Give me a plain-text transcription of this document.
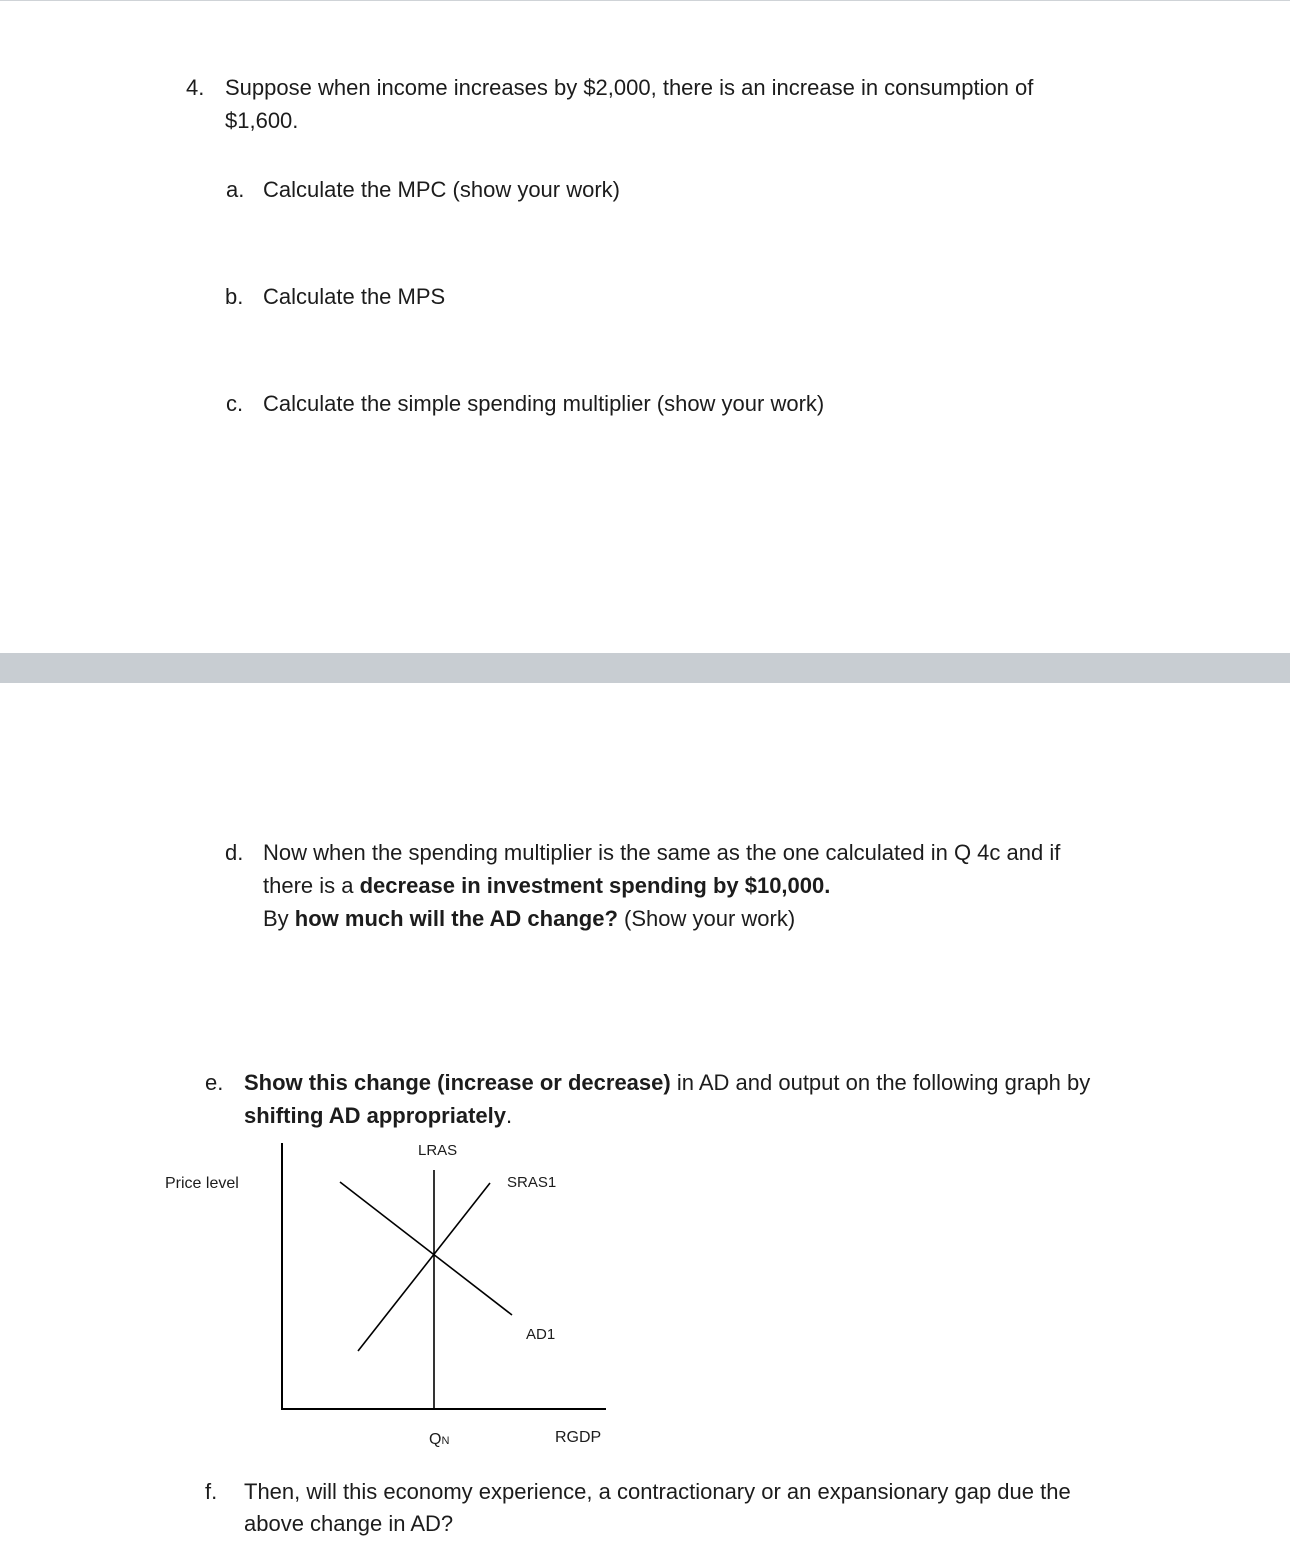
4. Suppose when income increases by $2,000, there is an increase in consumption of
$1,600.
a. Calculate the MPC (show your work)
b. Calculate the MPS
c. Calculate the simple spending multiplier (show your work)
d. Now when the spending multiplier is the same as the one calculated in Q 4c and if
there is a decrease in investment spending by $10,000.
By how much will the AD change? (Show your work)
e. Show this change (increase or decrease) in AD and output on the following graph by
shifting AD appropriately.
Price level
LRAS
SRAS1
AD1
QN	RGDP
f. Then, will this economy experience, a contractionary or an expansionary gap due the
above change in AD?
